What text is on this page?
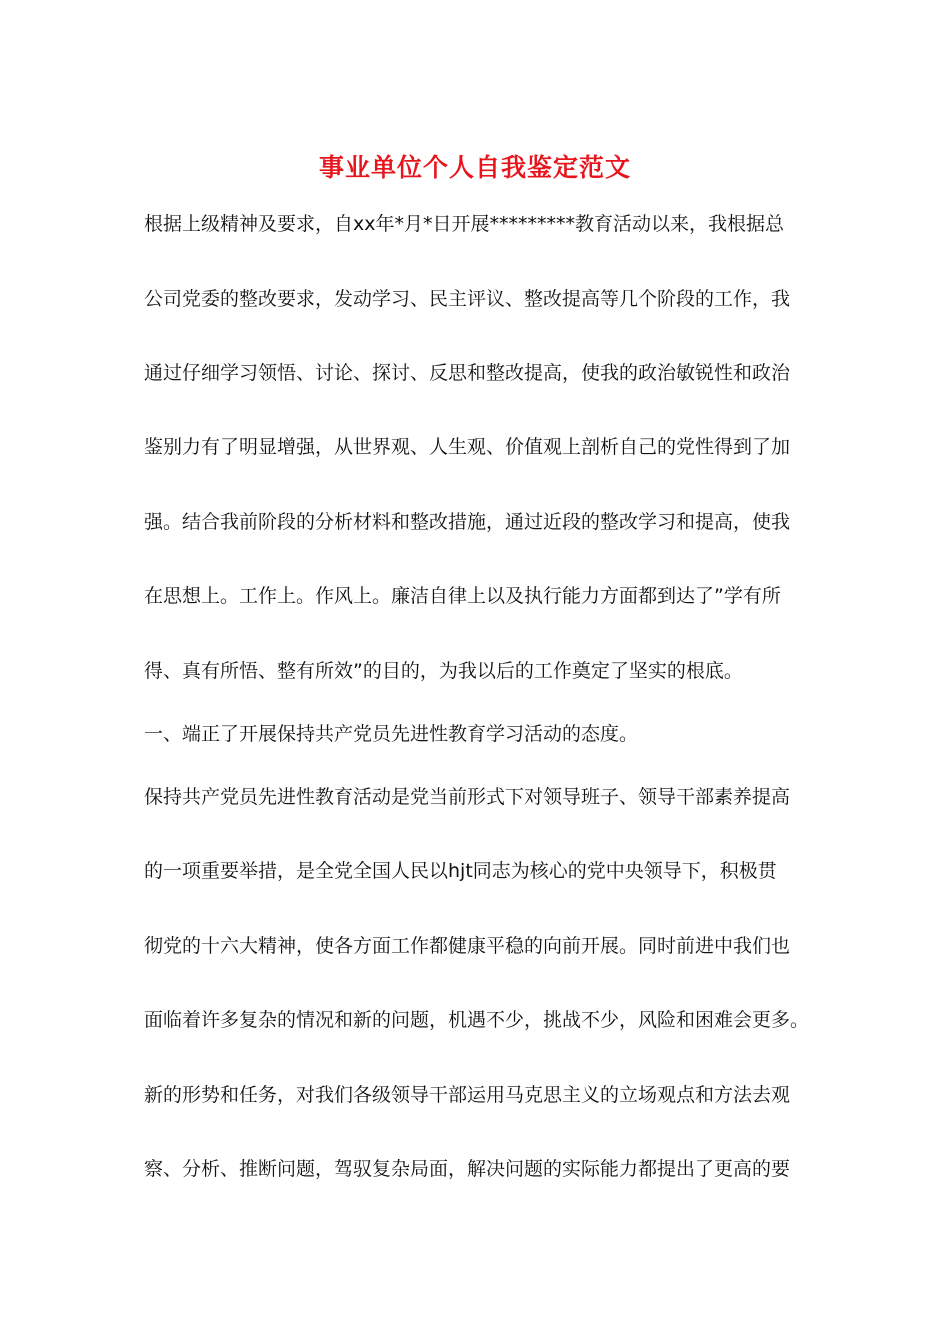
事业单位个人自我鉴定范文

根据上级精神及要求，自xx年*月*日开展*********教育活动以来，我根据总

公司党委的整改要求，发动学习、民主评议、整改提高等几个阶段的工作，我

通过仔细学习领悟、讨论、探讨、反思和整改提高，使我的政治敏锐性和政治

鉴别力有了明显增强，从世界观、人生观、价值观上剖析自己的党性得到了加

强。结合我前阶段的分析材料和整改措施，通过近段的整改学习和提高，使我

在思想上。工作上。作风上。廉洁自律上以及执行能力方面都到达了”学有所

得、真有所悟、整有所效”的目的，为我以后的工作奠定了坚实的根底。

一、端正了开展保持共产党员先进性教育学习活动的态度。

保持共产党员先进性教育活动是党当前形式下对领导班子、领导干部素养提高

的一项重要举措，是全党全国人民以hjt同志为核心的党中央领导下，积极贯

彻党的十六大精神，使各方面工作都健康平稳的向前开展。同时前进中我们也

面临着许多复杂的情况和新的问题，机遇不少，挑战不少，风险和困难会更多。

新的形势和任务，对我们各级领导干部运用马克思主义的立场观点和方法去观

察、分析、推断问题，驾驭复杂局面，解决问题的实际能力都提出了更高的要
